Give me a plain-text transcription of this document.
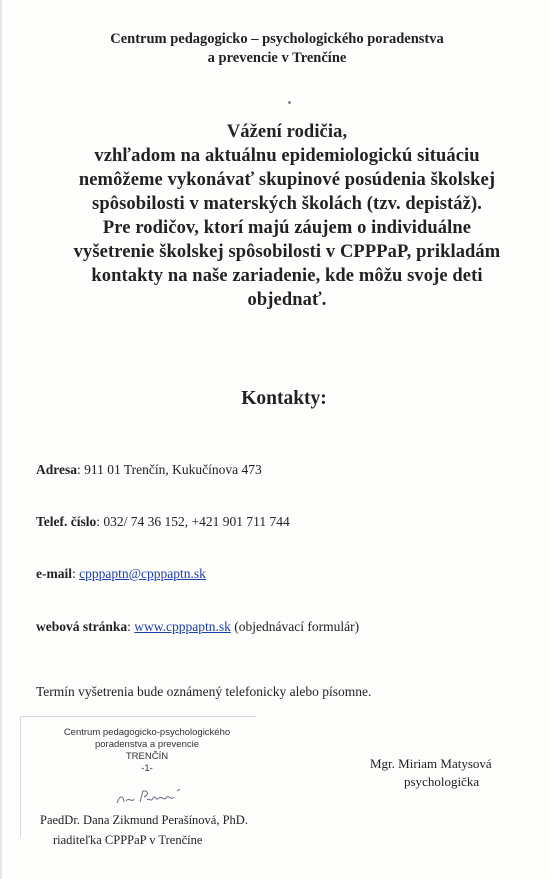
Centrum pedagogicko – psychologického poradenstva
a prevencie v Trenčíne
Vážení rodičia,
vzhľadom na aktuálnu epidemiologickú situáciu
nemôžeme vykonávať skupinové posúdenia školskej
spôsobilosti v materských školách (tzv. depistáž).
Pre rodičov, ktorí majú záujem o individuálne
vyšetrenie školskej spôsobilosti v CPPPaP, prikladám
kontakty na naše zariadenie, kde môžu svoje deti
objednať.
Kontakty:
Adresa: 911 01 Trenčín, Kukučínova 473
Telef. číslo: 032/ 74 36 152, +421 901 711 744
e-mail: cpppaptn@cpppaptn.sk
webová stránka: www.cpppaptn.sk (objednávací formulár)
Termín vyšetrenia bude oznámený telefonicky alebo písomne.
Centrum pedagogicko-psychologického
poradenstva a prevencie
TRENČÍN
-1-
PaedDr. Dana Zikmund Perašínová, PhD.
riaditeľka CPPPaP v Trenčíne
Mgr. Miriam Matysová
psychologička
